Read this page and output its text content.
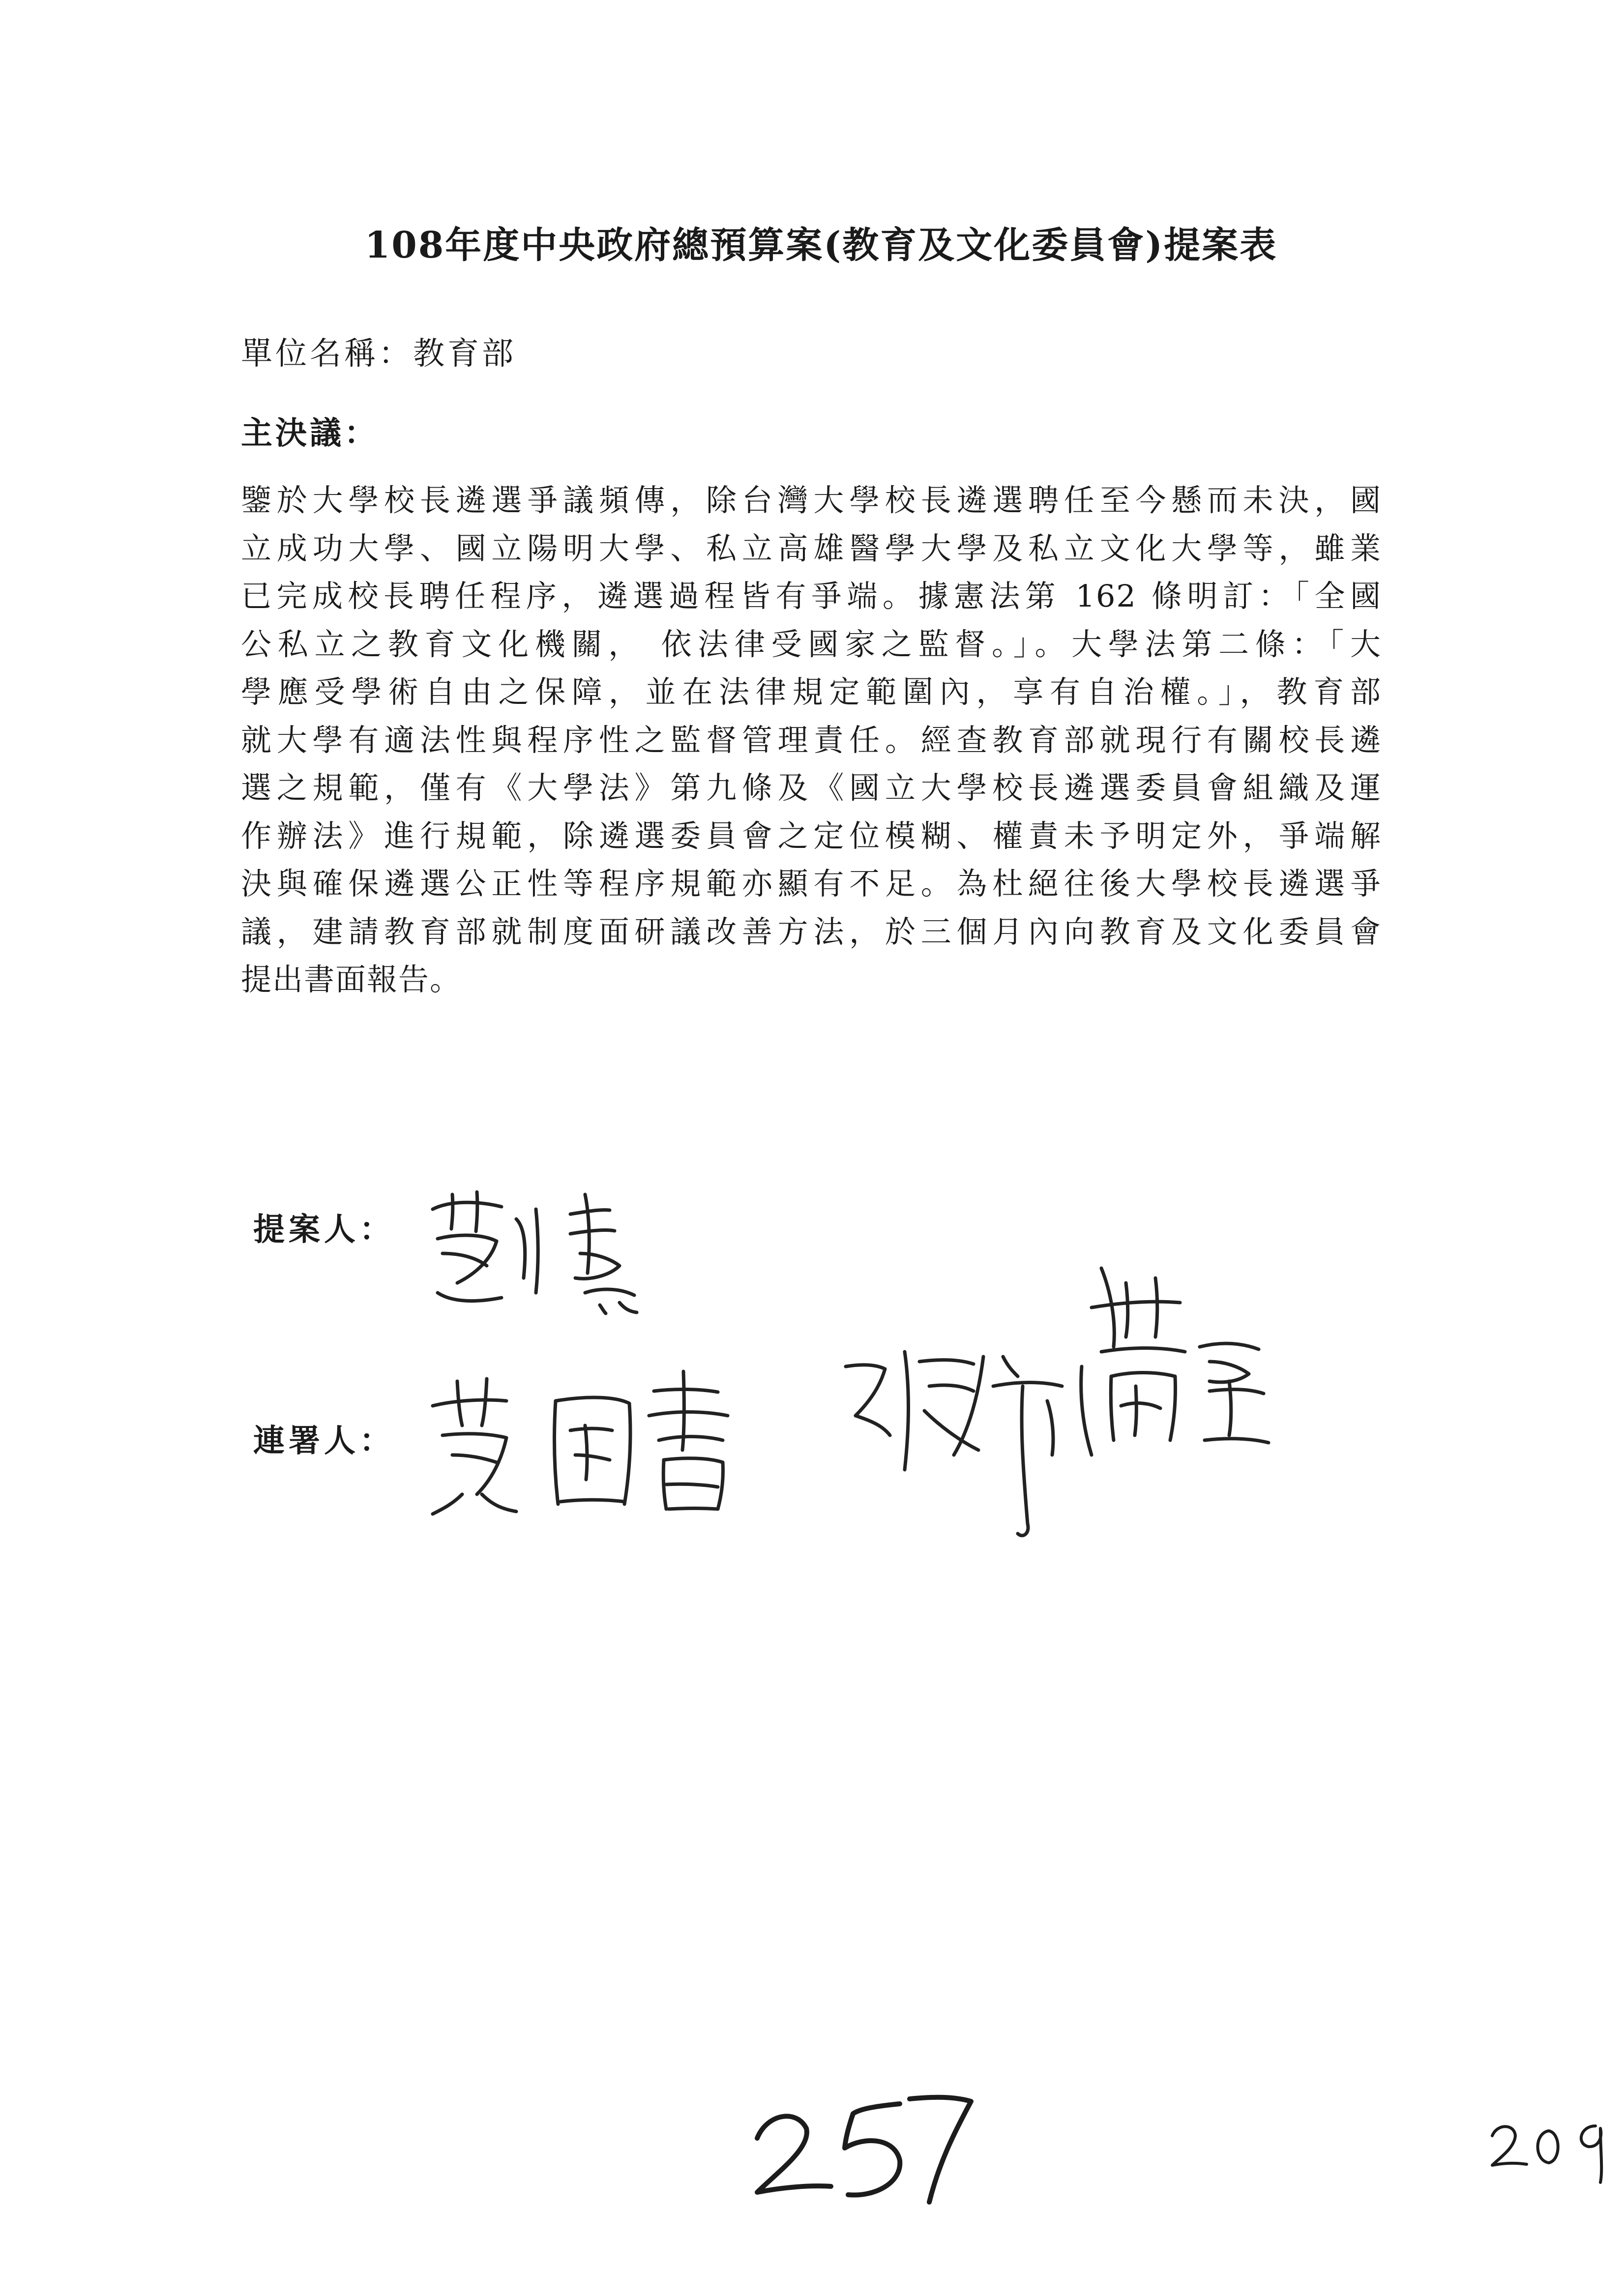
108年度中央政府總預算案(教育及文化委員會)提案表
單位名稱：教育部
主決議：
鑒於大學校長遴選爭議頻傳，除台灣大學校長遴選聘任至今懸而未決，國
立成功大學、國立陽明大學、私立高雄醫學大學及私立文化大學等，雖業
已完成校長聘任程序，遴選過程皆有爭端。據憲法第 162 條明訂：「全國
公私立之教育文化機關， 依法律受國家之監督。」。大學法第二條：「大
學應受學術自由之保障，並在法律規定範圍內，享有自治權。」，教育部
就大學有適法性與程序性之監督管理責任。經查教育部就現行有關校長遴
選之規範，僅有《大學法》第九條及《國立大學校長遴選委員會組織及運
作辦法》進行規範，除遴選委員會之定位模糊、權責未予明定外，爭端解
決與確保遴選公正性等程序規範亦顯有不足。為杜絕往後大學校長遴選爭
議，建請教育部就制度面研議改善方法，於三個月內向教育及文化委員會
提出書面報告。
提案人：
連署人：
